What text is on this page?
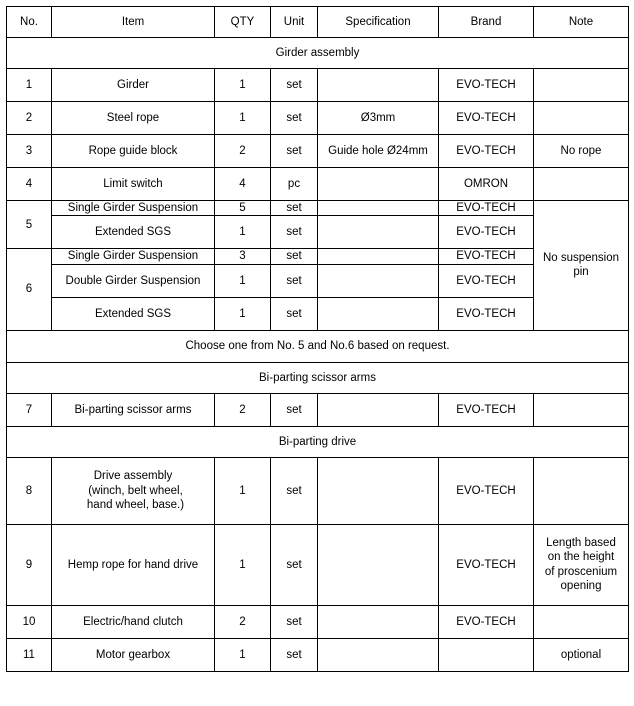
No.	Item	QTY	Unit	Specification	Brand	Note
Girder assembly						
1	Girder	1	set		EVO-TECH	
2	Steel rope	1	set	Ø3mm	EVO-TECH	
3	Rope guide block	2	set	Guide hole Ø24mm	EVO-TECH	No rope
4	Limit switch	4	pc		OMRON	
5	Single Girder Suspension	5	set		EVO-TECH	No suspension
pin
	Extended SGS	1	set		EVO-TECH	
6	Single Girder Suspension	3	set		EVO-TECH	
	Double Girder Suspension	1	set		EVO-TECH	
	Extended SGS	1	set		EVO-TECH	
Choose one from No. 5 and No.6 based on request.						
Bi-parting scissor arms						
7	Bi-parting scissor arms	2	set		EVO-TECH	
Bi-parting drive						
8	Drive assembly
(winch, belt wheel,
hand wheel, base.)	1	set		EVO-TECH	
9	Hemp rope for hand drive	1	set		EVO-TECH	Length based
on the height
of proscenium
opening
10	Electric/hand clutch	2	set		EVO-TECH	
11	Motor gearbox	1	set			optional
